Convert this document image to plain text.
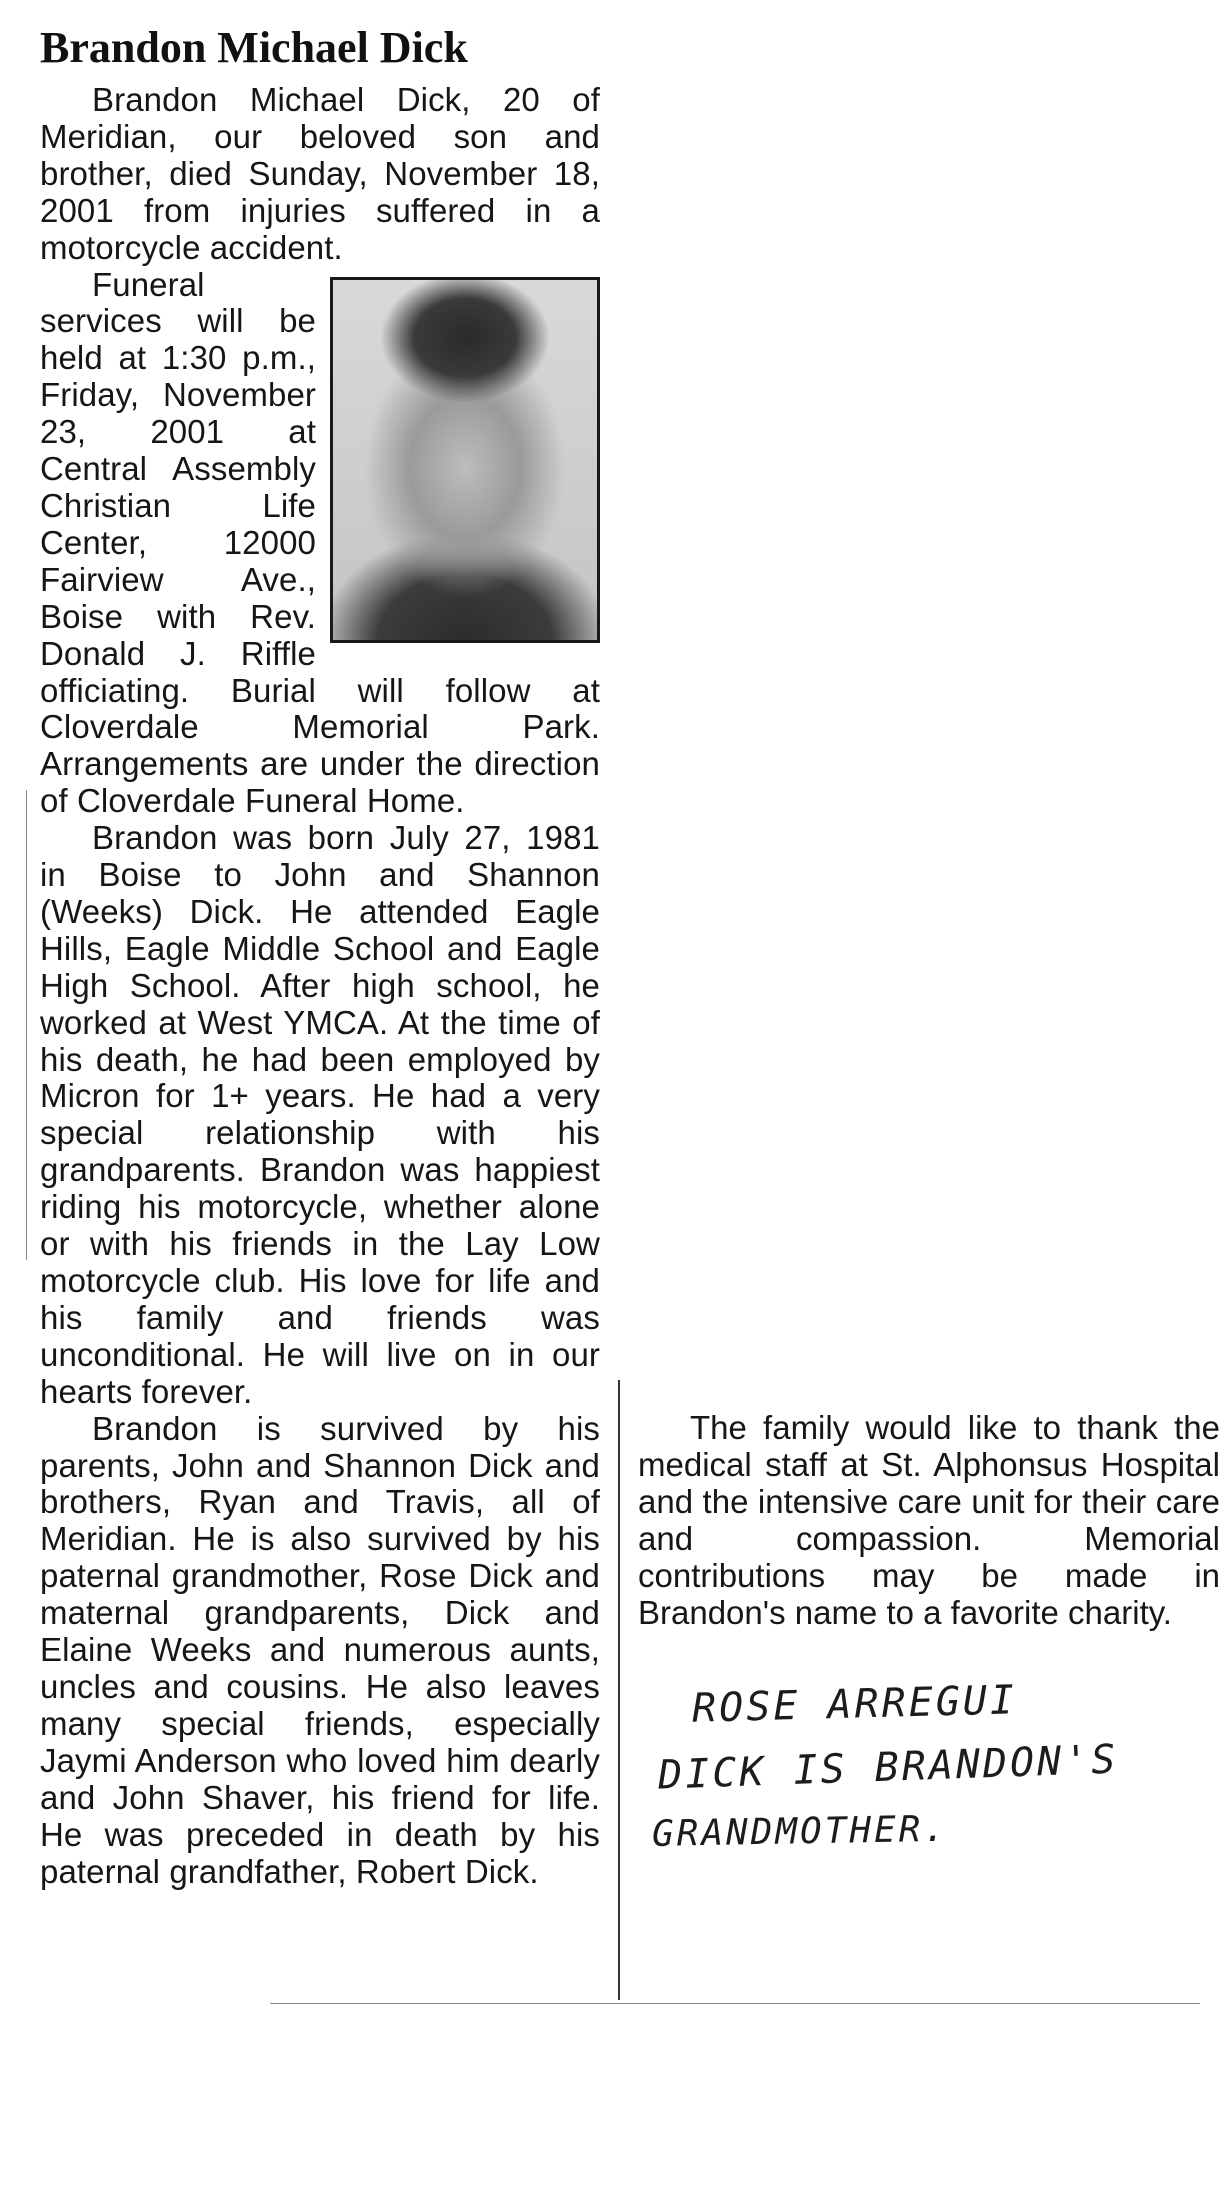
Brandon Michael Dick

Brandon Michael Dick, 20 of Meridian, our beloved son and brother, died Sunday, November 18, 2001 from injuries suffered in a motorcycle accident.

Funeral services will be held at 1:30 p.m., Friday, November 23, 2001 at Central Assembly Christian Life Center, 12000 Fairview Ave., Boise with Rev. Donald J. Riffle officiating. Burial will follow at Cloverdale Memorial Park. Arrangements are under the direction of Cloverdale Funeral Home.

Brandon was born July 27, 1981 in Boise to John and Shannon (Weeks) Dick. He attended Eagle Hills, Eagle Middle School and Eagle High School. After high school, he worked at West YMCA. At the time of his death, he had been employed by Micron for 1+ years. He had a very special relationship with his grandparents. Brandon was happiest riding his motorcycle, whether alone or with his friends in the Lay Low motorcycle club. His love for life and his family and friends was unconditional. He will live on in our hearts forever.

Brandon is survived by his parents, John and Shannon Dick and brothers, Ryan and Travis, all of Meridian. He is also survived by his paternal grandmother, Rose Dick and maternal grandparents, Dick and Elaine Weeks and numerous aunts, uncles and cousins. He also leaves many special friends, especially Jaymi Anderson who loved him dearly and John Shaver, his friend for life. He was preceded in death by his paternal grandfather, Robert Dick.

The family would like to thank the medical staff at St. Alphonsus Hospital and the intensive care unit for their care and compassion. Memorial contributions may be made in Brandon's name to a favorite charity.

ROSE ARREGUI
DICK IS BRANDON'S
GRANDMOTHER.
